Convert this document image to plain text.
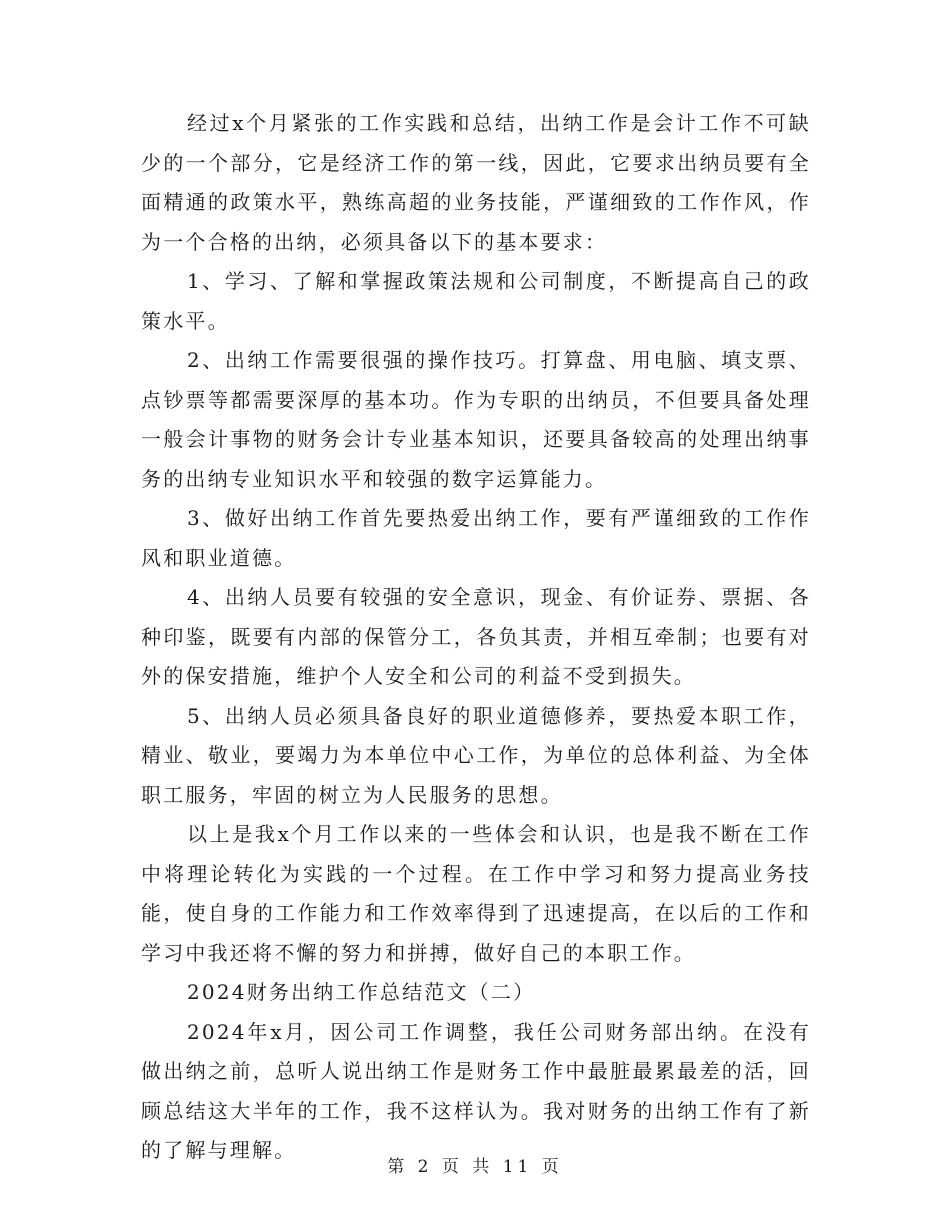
经过x个月紧张的工作实践和总结，出纳工作是会计工作不可缺少的一个部分，它是经济工作的第一线，因此，它要求出纳员要有全面精通的政策水平，熟练高超的业务技能，严谨细致的工作作风，作为一个合格的出纳，必须具备以下的基本要求：

1、学习、了解和掌握政策法规和公司制度，不断提高自己的政策水平。

2、出纳工作需要很强的操作技巧。打算盘、用电脑、填支票、点钞票等都需要深厚的基本功。作为专职的出纳员，不但要具备处理一般会计事物的财务会计专业基本知识，还要具备较高的处理出纳事务的出纳专业知识水平和较强的数字运算能力。

3、做好出纳工作首先要热爱出纳工作，要有严谨细致的工作作风和职业道德。

4、出纳人员要有较强的安全意识，现金、有价证券、票据、各种印鉴，既要有内部的保管分工，各负其责，并相互牵制；也要有对外的保安措施，维护个人安全和公司的利益不受到损失。

5、出纳人员必须具备良好的职业道德修养，要热爱本职工作，精业、敬业，要竭力为本单位中心工作，为单位的总体利益、为全体职工服务，牢固的树立为人民服务的思想。

以上是我x个月工作以来的一些体会和认识，也是我不断在工作中将理论转化为实践的一个过程。在工作中学习和努力提高业务技能，使自身的工作能力和工作效率得到了迅速提高，在以后的工作和学习中我还将不懈的努力和拼搏，做好自己的本职工作。

2024财务出纳工作总结范文（二）

2024年x月，因公司工作调整，我任公司财务部出纳。在没有做出纳之前，总听人说出纳工作是财务工作中最脏最累最差的活，回顾总结这大半年的工作，我不这样认为。我对财务的出纳工作有了新的了解与理解。

第 2 页 共 11 页
